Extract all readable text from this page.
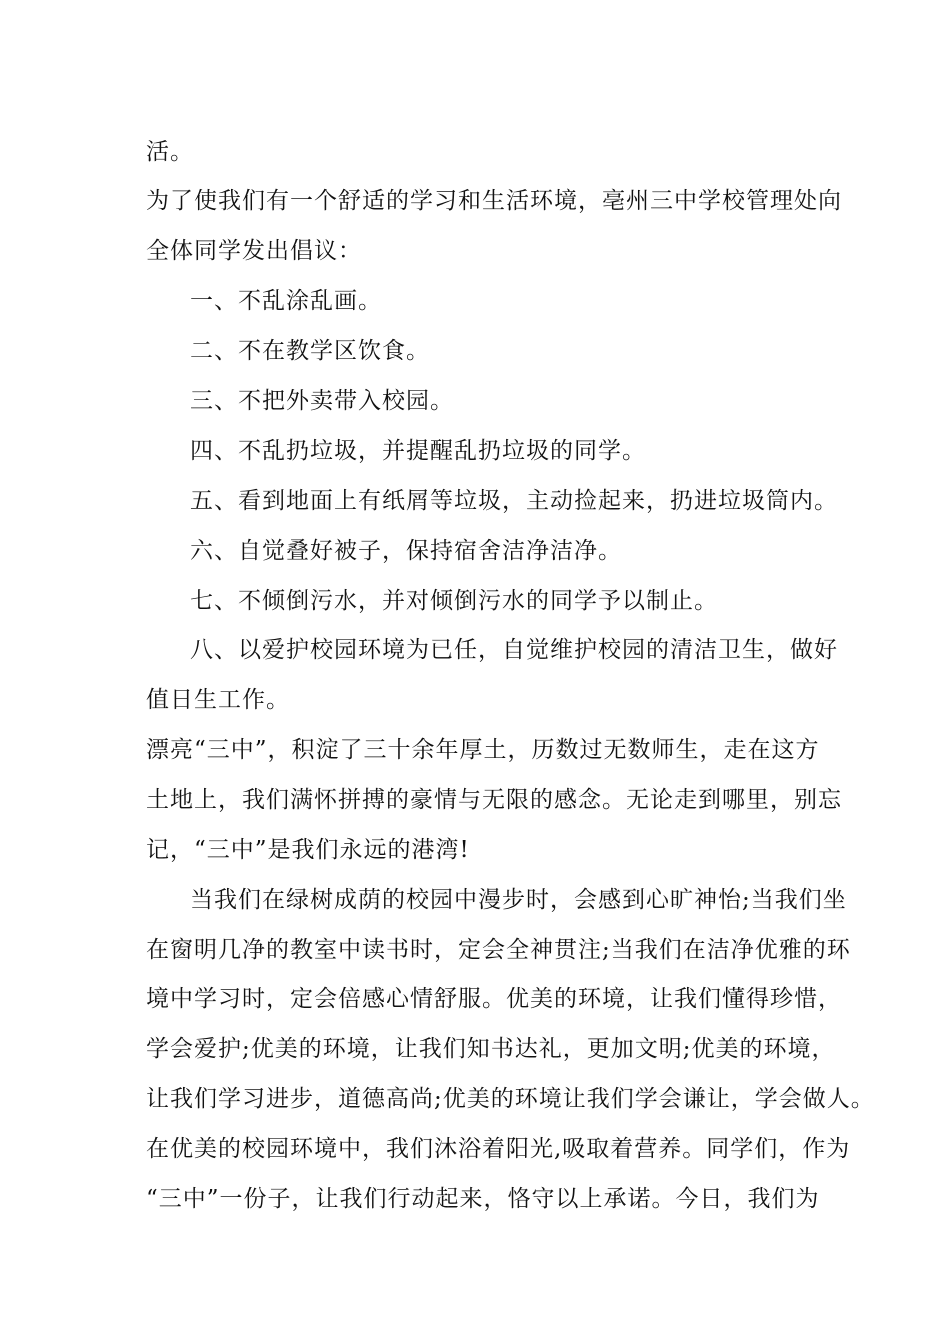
活。
为了使我们有一个舒适的学习和生活环境，亳州三中学校管理处向
全体同学发出倡议：
一、不乱涂乱画。
二、不在教学区饮食。
三、不把外卖带入校园。
四、不乱扔垃圾，并提醒乱扔垃圾的同学。
五、看到地面上有纸屑等垃圾，主动捡起来，扔进垃圾筒内。
六、自觉叠好被子，保持宿舍洁净洁净。
七、不倾倒污水，并对倾倒污水的同学予以制止。
八、以爱护校园环境为已任，自觉维护校园的清洁卫生，做好
值日生工作。
漂亮“三中”，积淀了三十余年厚土，历数过无数师生，走在这方
土地上，我们满怀拼搏的豪情与无限的感念。无论走到哪里，别忘
记，“三中”是我们永远的港湾!
当我们在绿树成荫的校园中漫步时，会感到心旷神怡;当我们坐
在窗明几净的教室中读书时，定会全神贯注;当我们在洁净优雅的环
境中学习时，定会倍感心情舒服。优美的环境，让我们懂得珍惜，
学会爱护;优美的环境，让我们知书达礼，更加文明;优美的环境，
让我们学习进步，道德高尚;优美的环境让我们学会谦让，学会做人。
在优美的校园环境中，我们沐浴着阳光,吸取着营养。同学们，作为
“三中”一份子，让我们行动起来，恪守以上承诺。今日，我们为
